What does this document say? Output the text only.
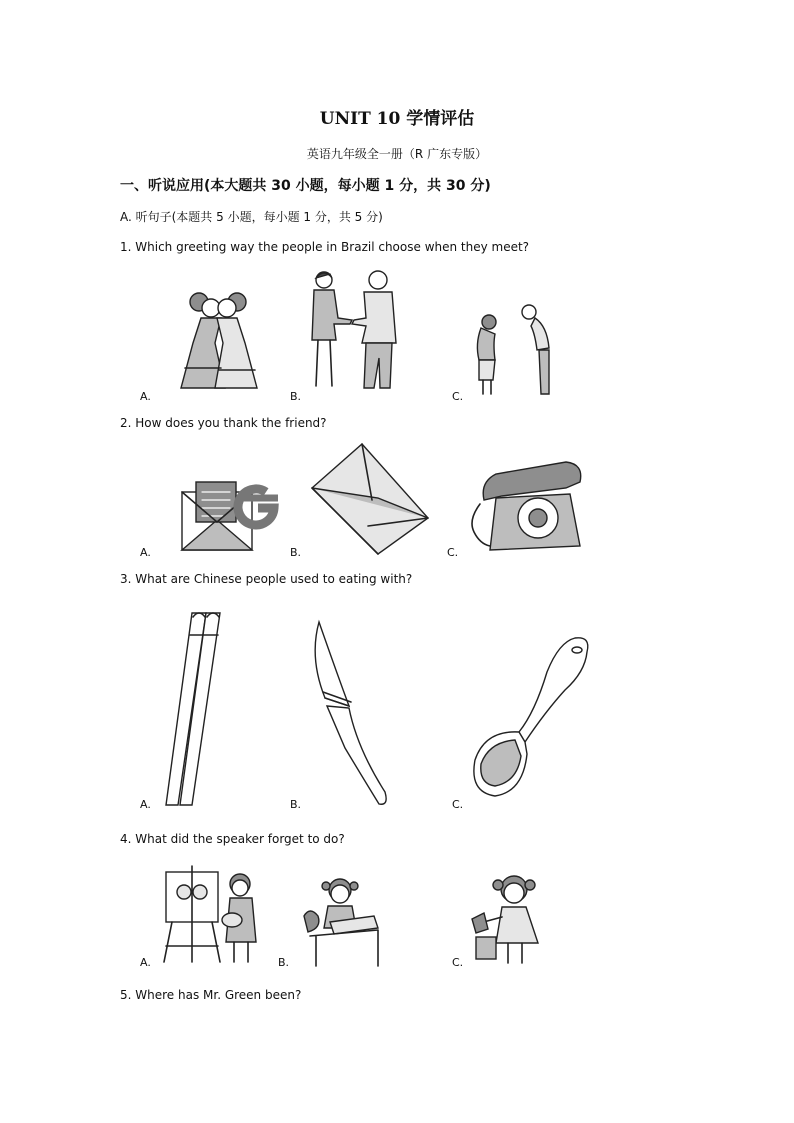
UNIT 10 学情评估
英语九年级全一册（R 广东专版）
一、听说应用(本大题共 30 小题，每小题 1 分，共 30 分)
A. 听句子(本题共 5 小题，每小题 1 分，共 5 分)
1. Which greeting way the people in Brazil choose when they meet?
A.	B.	C.
2. How does you thank the friend?
A.	B.	C.
3. What are Chinese people used to eating with?
A.	B.	C.
4. What did the speaker forget to do?
A.	B.	C.
5. Where has Mr. Green been?
